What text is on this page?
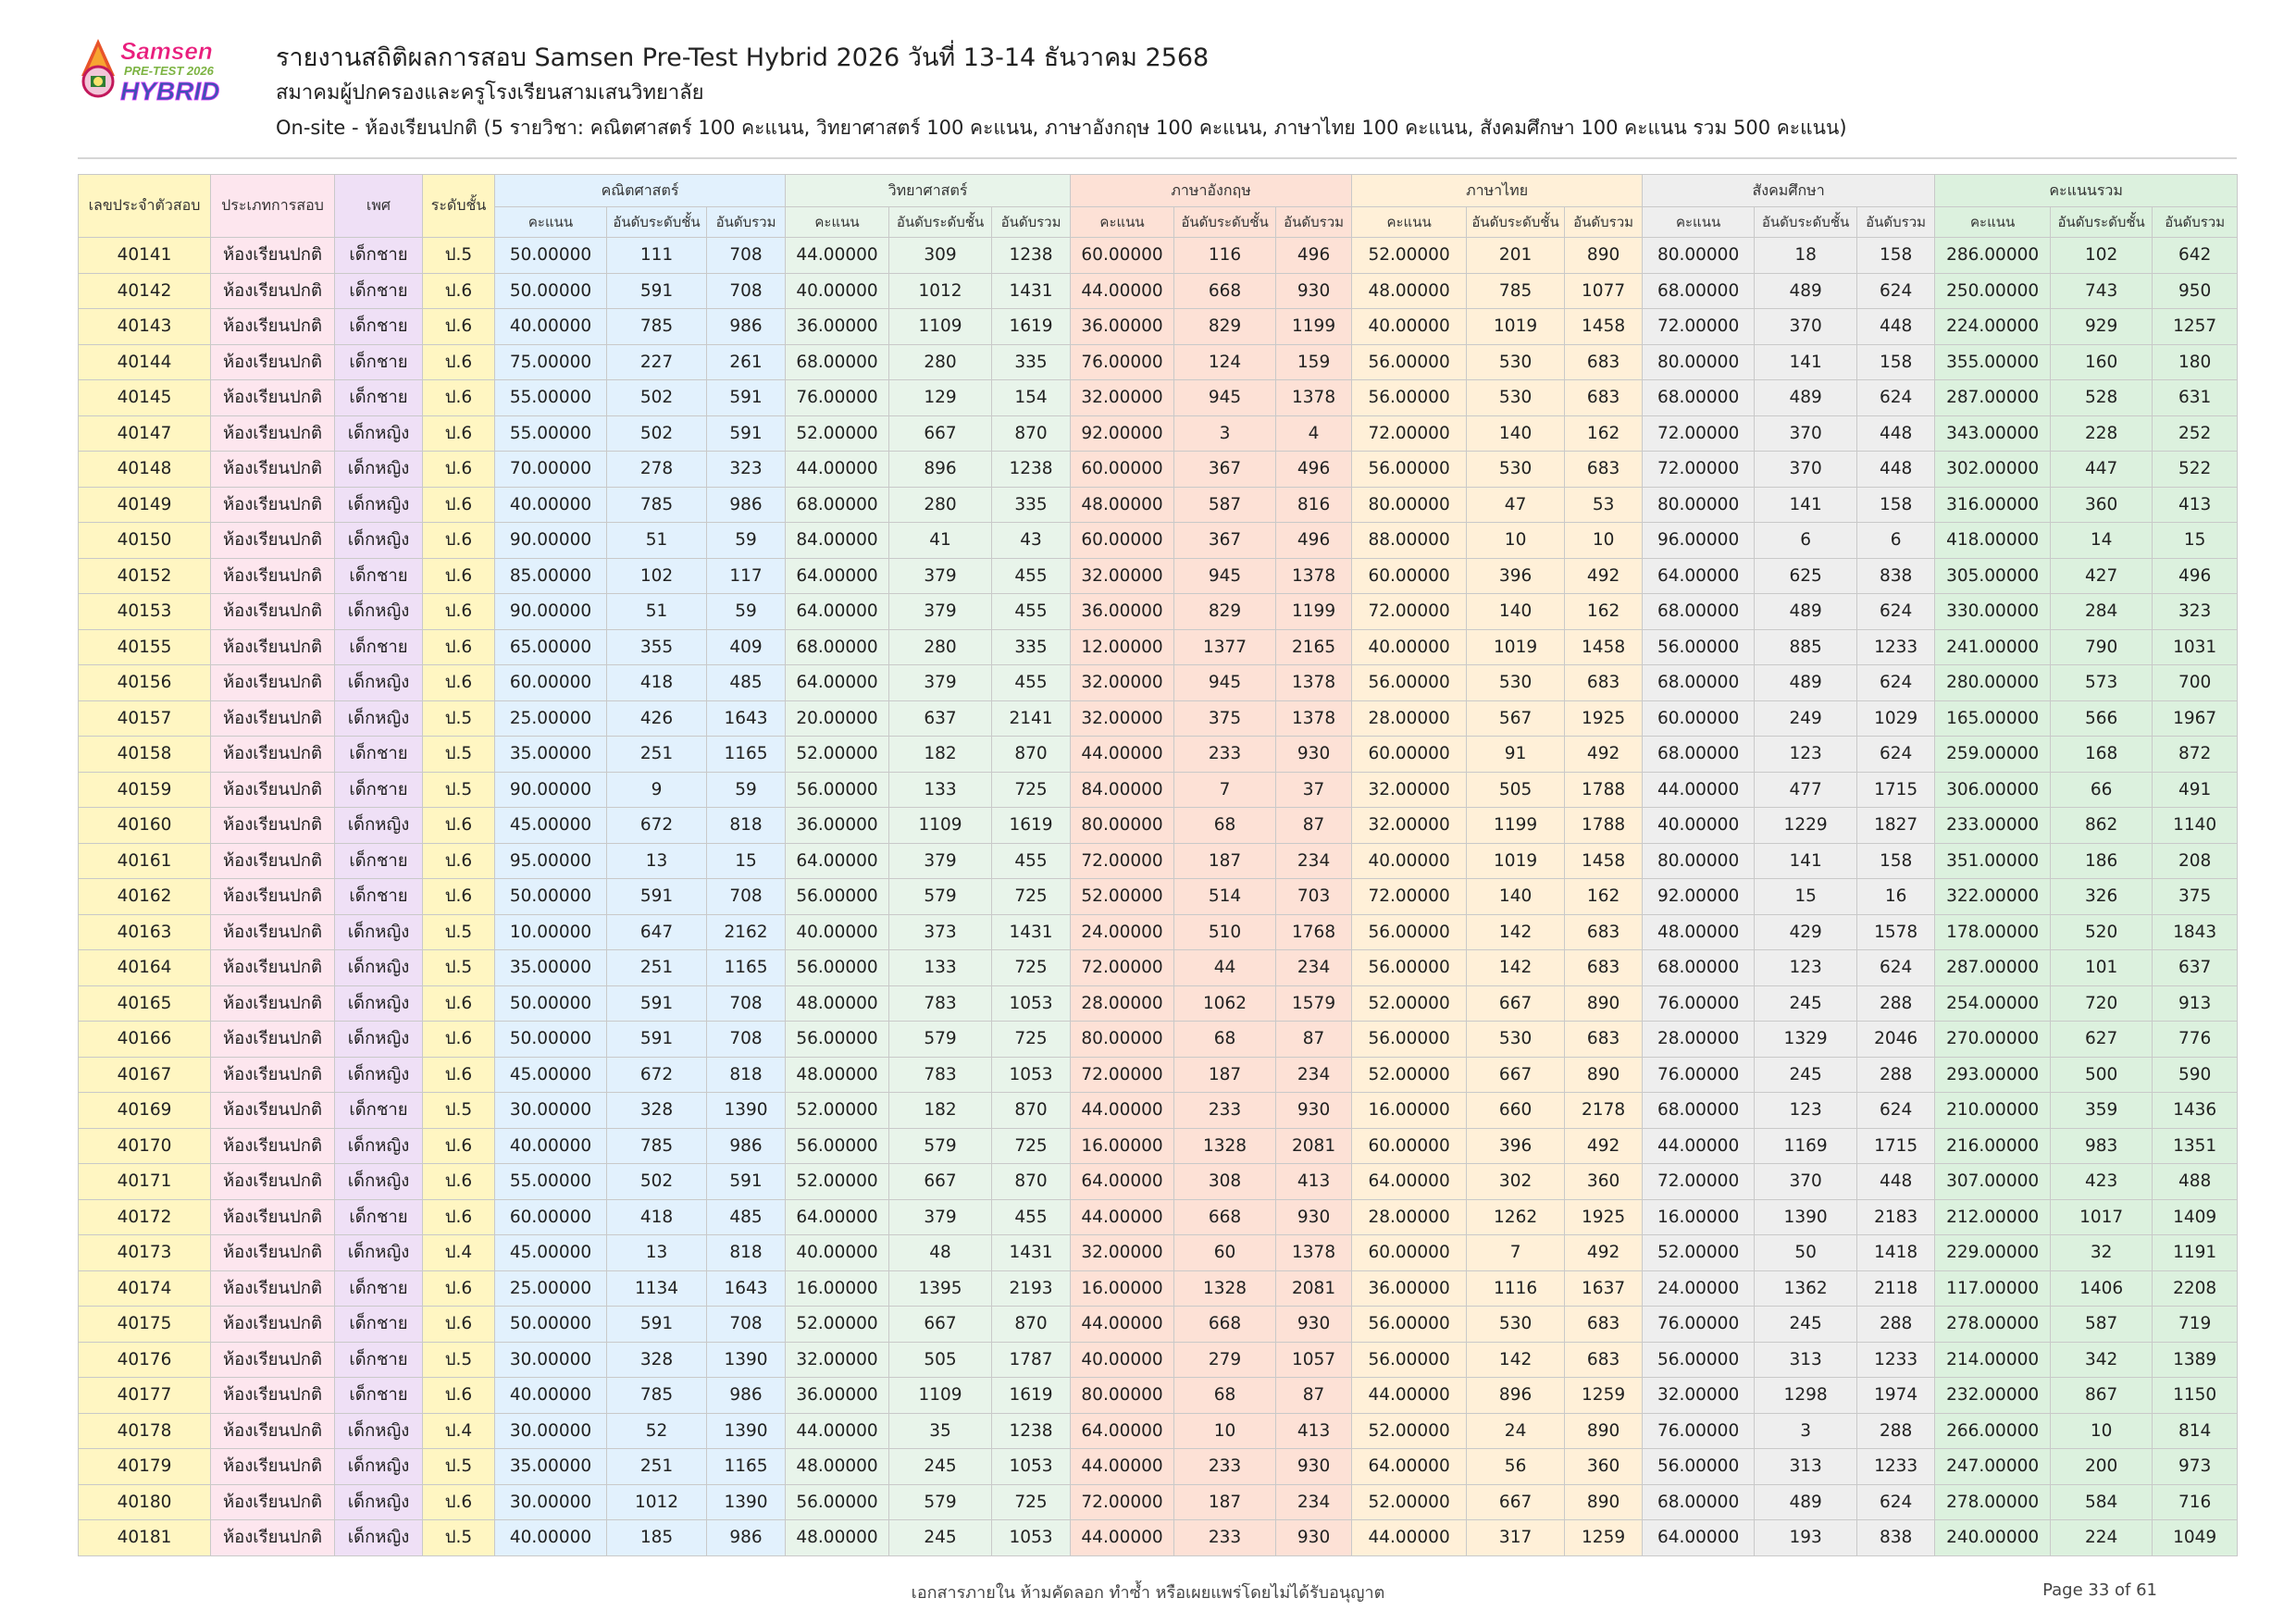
Samsen
PRE-TEST 2026
HYBRID
รายงานสถิติผลการสอบ Samsen Pre-Test Hybrid 2026 วันที่ 13-14 ธันวาคม 2568
สมาคมผู้ปกครองและครูโรงเรียนสามเสนวิทยาลัย
On-site - ห้องเรียนปกติ (5 รายวิชา: คณิตศาสตร์ 100 คะแนน, วิทยาศาสตร์ 100 คะแนน, ภาษาอังกฤษ 100 คะแนน, ภาษาไทย 100 คะแนน, สังคมศึกษา 100 คะแนน รวม 500 คะแนน)
เลขประจำตัวสอบ	ประเภทการสอบ	เพศ	ระดับชั้น	คณิตศาสตร์			วิทยาศาสตร์			ภาษาอังกฤษ			ภาษาไทย			สังคมศึกษา			คะแนนรวม		
				คะแนน	อันดับระดับชั้น	อันดับรวม	คะแนน	อันดับระดับชั้น	อันดับรวม	คะแนน	อันดับระดับชั้น	อันดับรวม	คะแนน	อันดับระดับชั้น	อันดับรวม	คะแนน	อันดับระดับชั้น	อันดับรวม	คะแนน	อันดับระดับชั้น	อันดับรวม
40141	ห้องเรียนปกติ	เด็กชาย	ป.5	50.00000	111	708	44.00000	309	1238	60.00000	116	496	52.00000	201	890	80.00000	18	158	286.00000	102	642
40142	ห้องเรียนปกติ	เด็กชาย	ป.6	50.00000	591	708	40.00000	1012	1431	44.00000	668	930	48.00000	785	1077	68.00000	489	624	250.00000	743	950
40143	ห้องเรียนปกติ	เด็กชาย	ป.6	40.00000	785	986	36.00000	1109	1619	36.00000	829	1199	40.00000	1019	1458	72.00000	370	448	224.00000	929	1257
40144	ห้องเรียนปกติ	เด็กชาย	ป.6	75.00000	227	261	68.00000	280	335	76.00000	124	159	56.00000	530	683	80.00000	141	158	355.00000	160	180
40145	ห้องเรียนปกติ	เด็กชาย	ป.6	55.00000	502	591	76.00000	129	154	32.00000	945	1378	56.00000	530	683	68.00000	489	624	287.00000	528	631
40147	ห้องเรียนปกติ	เด็กหญิง	ป.6	55.00000	502	591	52.00000	667	870	92.00000	3	4	72.00000	140	162	72.00000	370	448	343.00000	228	252
40148	ห้องเรียนปกติ	เด็กหญิง	ป.6	70.00000	278	323	44.00000	896	1238	60.00000	367	496	56.00000	530	683	72.00000	370	448	302.00000	447	522
40149	ห้องเรียนปกติ	เด็กหญิง	ป.6	40.00000	785	986	68.00000	280	335	48.00000	587	816	80.00000	47	53	80.00000	141	158	316.00000	360	413
40150	ห้องเรียนปกติ	เด็กหญิง	ป.6	90.00000	51	59	84.00000	41	43	60.00000	367	496	88.00000	10	10	96.00000	6	6	418.00000	14	15
40152	ห้องเรียนปกติ	เด็กชาย	ป.6	85.00000	102	117	64.00000	379	455	32.00000	945	1378	60.00000	396	492	64.00000	625	838	305.00000	427	496
40153	ห้องเรียนปกติ	เด็กหญิง	ป.6	90.00000	51	59	64.00000	379	455	36.00000	829	1199	72.00000	140	162	68.00000	489	624	330.00000	284	323
40155	ห้องเรียนปกติ	เด็กชาย	ป.6	65.00000	355	409	68.00000	280	335	12.00000	1377	2165	40.00000	1019	1458	56.00000	885	1233	241.00000	790	1031
40156	ห้องเรียนปกติ	เด็กหญิง	ป.6	60.00000	418	485	64.00000	379	455	32.00000	945	1378	56.00000	530	683	68.00000	489	624	280.00000	573	700
40157	ห้องเรียนปกติ	เด็กหญิง	ป.5	25.00000	426	1643	20.00000	637	2141	32.00000	375	1378	28.00000	567	1925	60.00000	249	1029	165.00000	566	1967
40158	ห้องเรียนปกติ	เด็กชาย	ป.5	35.00000	251	1165	52.00000	182	870	44.00000	233	930	60.00000	91	492	68.00000	123	624	259.00000	168	872
40159	ห้องเรียนปกติ	เด็กชาย	ป.5	90.00000	9	59	56.00000	133	725	84.00000	7	37	32.00000	505	1788	44.00000	477	1715	306.00000	66	491
40160	ห้องเรียนปกติ	เด็กหญิง	ป.6	45.00000	672	818	36.00000	1109	1619	80.00000	68	87	32.00000	1199	1788	40.00000	1229	1827	233.00000	862	1140
40161	ห้องเรียนปกติ	เด็กชาย	ป.6	95.00000	13	15	64.00000	379	455	72.00000	187	234	40.00000	1019	1458	80.00000	141	158	351.00000	186	208
40162	ห้องเรียนปกติ	เด็กชาย	ป.6	50.00000	591	708	56.00000	579	725	52.00000	514	703	72.00000	140	162	92.00000	15	16	322.00000	326	375
40163	ห้องเรียนปกติ	เด็กหญิง	ป.5	10.00000	647	2162	40.00000	373	1431	24.00000	510	1768	56.00000	142	683	48.00000	429	1578	178.00000	520	1843
40164	ห้องเรียนปกติ	เด็กหญิง	ป.5	35.00000	251	1165	56.00000	133	725	72.00000	44	234	56.00000	142	683	68.00000	123	624	287.00000	101	637
40165	ห้องเรียนปกติ	เด็กหญิง	ป.6	50.00000	591	708	48.00000	783	1053	28.00000	1062	1579	52.00000	667	890	76.00000	245	288	254.00000	720	913
40166	ห้องเรียนปกติ	เด็กหญิง	ป.6	50.00000	591	708	56.00000	579	725	80.00000	68	87	56.00000	530	683	28.00000	1329	2046	270.00000	627	776
40167	ห้องเรียนปกติ	เด็กหญิง	ป.6	45.00000	672	818	48.00000	783	1053	72.00000	187	234	52.00000	667	890	76.00000	245	288	293.00000	500	590
40169	ห้องเรียนปกติ	เด็กชาย	ป.5	30.00000	328	1390	52.00000	182	870	44.00000	233	930	16.00000	660	2178	68.00000	123	624	210.00000	359	1436
40170	ห้องเรียนปกติ	เด็กหญิง	ป.6	40.00000	785	986	56.00000	579	725	16.00000	1328	2081	60.00000	396	492	44.00000	1169	1715	216.00000	983	1351
40171	ห้องเรียนปกติ	เด็กหญิง	ป.6	55.00000	502	591	52.00000	667	870	64.00000	308	413	64.00000	302	360	72.00000	370	448	307.00000	423	488
40172	ห้องเรียนปกติ	เด็กชาย	ป.6	60.00000	418	485	64.00000	379	455	44.00000	668	930	28.00000	1262	1925	16.00000	1390	2183	212.00000	1017	1409
40173	ห้องเรียนปกติ	เด็กหญิง	ป.4	45.00000	13	818	40.00000	48	1431	32.00000	60	1378	60.00000	7	492	52.00000	50	1418	229.00000	32	1191
40174	ห้องเรียนปกติ	เด็กชาย	ป.6	25.00000	1134	1643	16.00000	1395	2193	16.00000	1328	2081	36.00000	1116	1637	24.00000	1362	2118	117.00000	1406	2208
40175	ห้องเรียนปกติ	เด็กชาย	ป.6	50.00000	591	708	52.00000	667	870	44.00000	668	930	56.00000	530	683	76.00000	245	288	278.00000	587	719
40176	ห้องเรียนปกติ	เด็กชาย	ป.5	30.00000	328	1390	32.00000	505	1787	40.00000	279	1057	56.00000	142	683	56.00000	313	1233	214.00000	342	1389
40177	ห้องเรียนปกติ	เด็กชาย	ป.6	40.00000	785	986	36.00000	1109	1619	80.00000	68	87	44.00000	896	1259	32.00000	1298	1974	232.00000	867	1150
40178	ห้องเรียนปกติ	เด็กหญิง	ป.4	30.00000	52	1390	44.00000	35	1238	64.00000	10	413	52.00000	24	890	76.00000	3	288	266.00000	10	814
40179	ห้องเรียนปกติ	เด็กหญิง	ป.5	35.00000	251	1165	48.00000	245	1053	44.00000	233	930	64.00000	56	360	56.00000	313	1233	247.00000	200	973
40180	ห้องเรียนปกติ	เด็กหญิง	ป.6	30.00000	1012	1390	56.00000	579	725	72.00000	187	234	52.00000	667	890	68.00000	489	624	278.00000	584	716
40181	ห้องเรียนปกติ	เด็กหญิง	ป.5	40.00000	185	986	48.00000	245	1053	44.00000	233	930	44.00000	317	1259	64.00000	193	838	240.00000	224	1049
เอกสารภายใน ห้ามคัดลอก ทำซ้ำ หรือเผยแพร่โดยไม่ได้รับอนุญาต	Page 33 of 61
